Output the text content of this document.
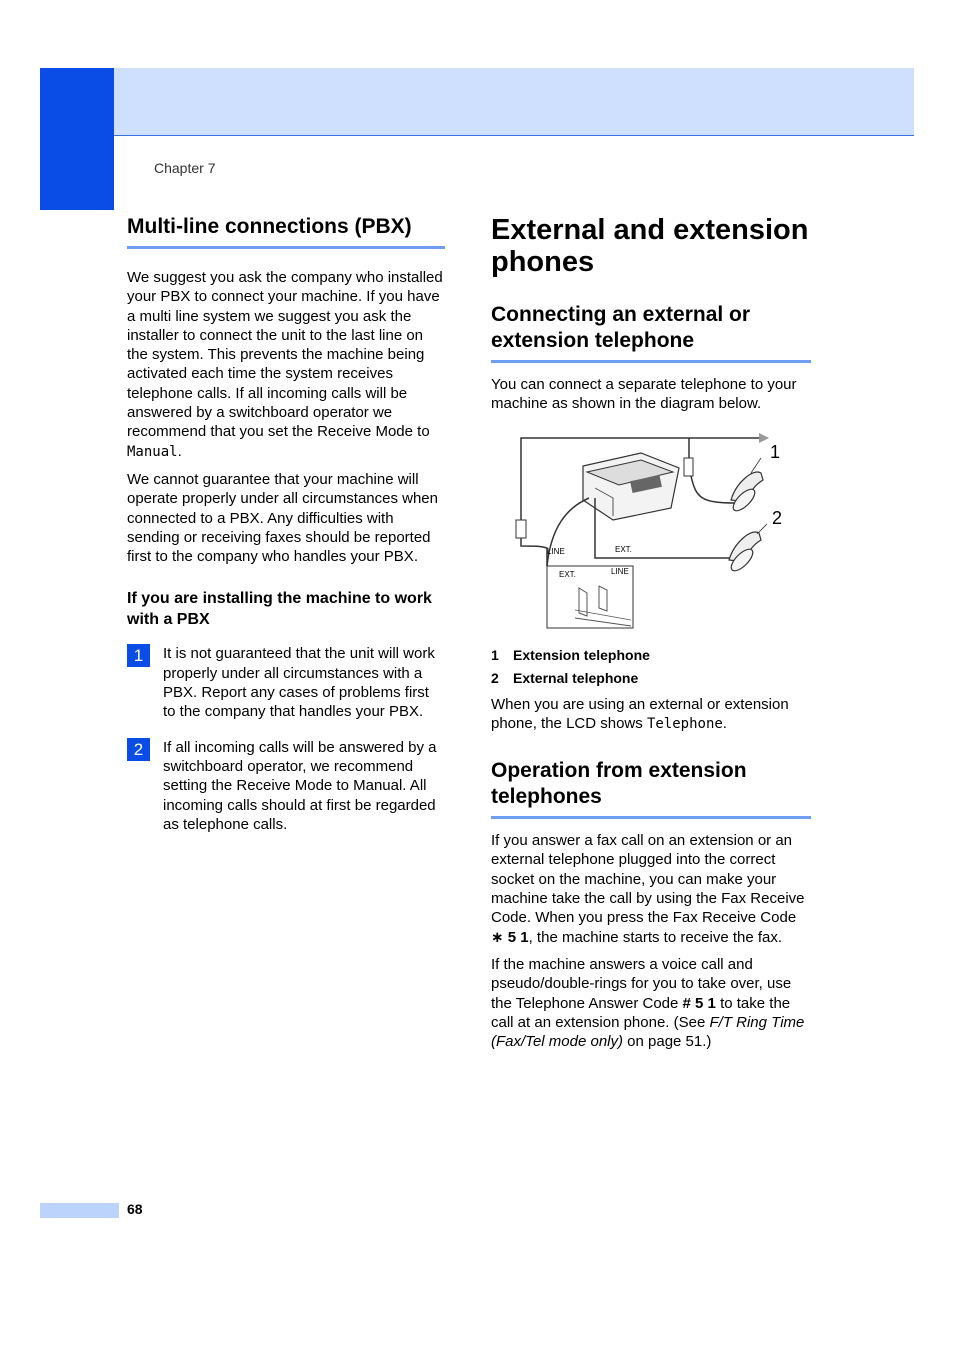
Chapter 7
Multi-line connections (PBX)

We suggest you ask the company who installed your PBX to connect your machine. If you have a multi line system we suggest you ask the installer to connect the unit to the last line on the system. This prevents the machine being activated each time the system receives telephone calls. If all incoming calls will be answered by a switchboard operator we recommend that you set the Receive Mode to Manual.

We cannot guarantee that your machine will operate properly under all circumstances when connected to a PBX. Any difficulties with sending or receiving faxes should be reported first to the company who handles your PBX.

If you are installing the machine to work with a PBX
1	It is not guaranteed that the unit will work properly under all circumstances with a PBX. Report any cases of problems first to the company that handles your PBX.

2	If all incoming calls will be answered by a switchboard operator, we recommend setting the Receive Mode to Manual. All incoming calls should at first be regarded as telephone calls.

External and extension phones
Connecting an external or extension telephone

You can connect a separate telephone to your machine as shown in the diagram below.

LINE	EXT.
1
2
EXT.	LINE
1 Extension telephone
2 External telephone

When you are using an external or extension phone, the LCD shows Telephone.

Operation from extension telephones

If you answer a fax call on an extension or an external telephone plugged into the correct socket on the machine, you can make your machine take the call by using the Fax Receive Code. When you press the Fax Receive Code ∗ 5 1, the machine starts to receive the fax.

If the machine answers a voice call and pseudo/double-rings for you to take over, use the Telephone Answer Code # 5 1 to take the call at an extension phone. (See F/T Ring Time (Fax/Tel mode only) on page 51.)

68
